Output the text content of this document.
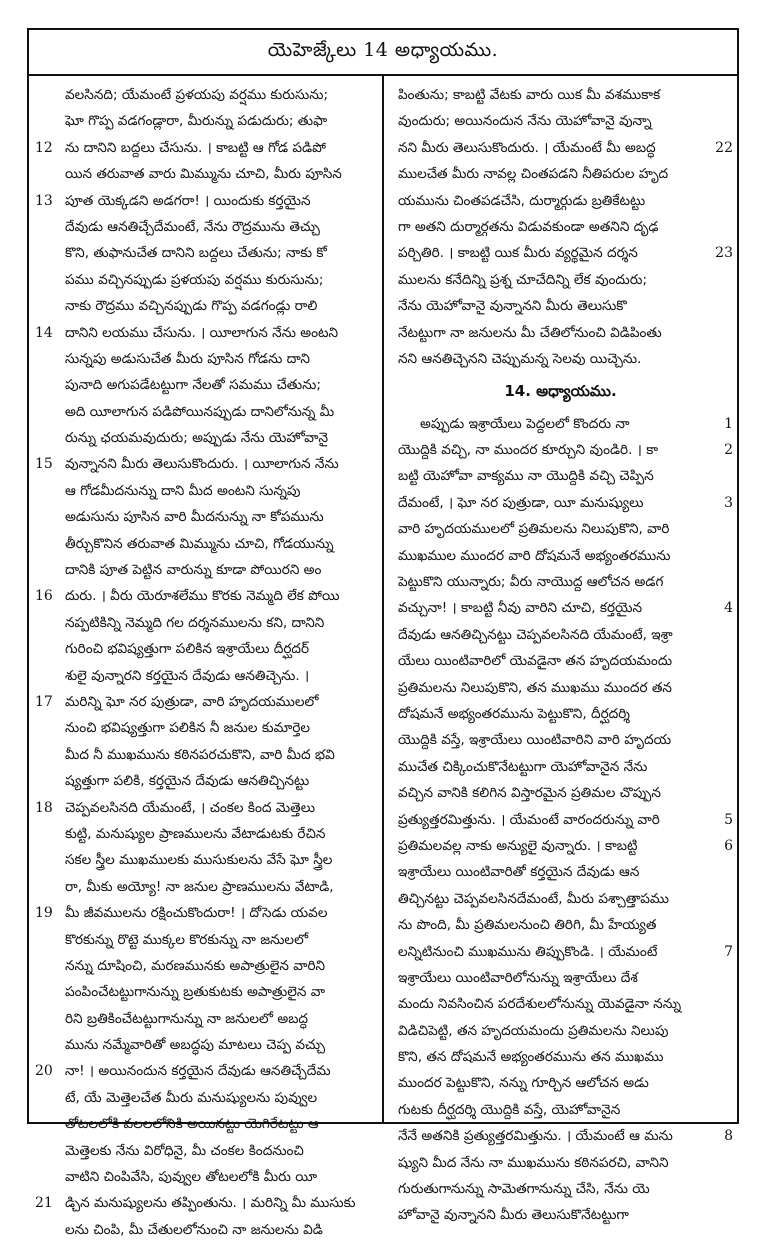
యెహెజ్కేలు 14 అధ్యాయము.
వలసినది; యేమంటే ప్రళయపు వర్షము కురుసును;
ఘో గొప్ప వడగండ్లారా, మీరున్ను పడుదురు; తుఫా
12 ను దానిని బద్దలు చేసును. । కాబట్టి ఆ గోడ పడిపో
యిన తరువాత వారు మిమ్మును చూచి, మీరు పూసిన
13 పూత యెక్కడని అడగరా! । యిందుకు కర్తయైన
దేవుడు ఆనతిచ్చేదేమంటే, నేను రౌద్రమును తెచ్చు
కొని, తుఫానుచేత దానిని బద్దలు చేతును; నాకు కో
పము వచ్చినప్పుడు ప్రళయపు వర్షము కురుసును;
నాకు రౌద్రము వచ్చినప్పుడు గొప్ప వడగండ్లు రాలి
14 దానిని లయము చేసును. । యీలాగున నేను అంటని
సున్నపు అడుసుచేత మీరు పూసిన గోడను దాని
పునాది అగుపడేటట్టుగా నేలతో సమము చేతును;
అది యీలాగున పడిపోయినప్పుడు దానిలోనున్న మీ
రున్ను ఛయమవుదురు; అప్పుడు నేను యెహోవానై
15 వున్నానని మీరు తెలుసుకొందురు. । యీలాగున నేను
ఆ గోడమీదనున్ను దాని మీద అంటని సున్నపు
అడుసును పూసిన వారి మీదనున్ను నా కోపమును
తీర్చుకొనిన తరువాత మిమ్మును చూచి, గోడయున్ను
దానికి పూత పెట్టిన వారున్ను కూడా పోయిరని అం
16 దురు. । వీరు యెరూశలేము కొరకు నెమ్మది లేక పోయి
నప్పటికిన్ని నెమ్మది గల దర్శనములను కని, దానిని
గురించి భవిష్యత్తుగా పలికిన ఇశ్రాయేలు దీర్ఘదర్
శులై వున్నారని కర్తయైన దేవుడు ఆనతిచ్చెను. ।
17 మరిన్ని ఘో నర పుత్రుడా, వారి హృదయములలో
నుంచి భవిష్యత్తుగా పలికిన నీ జనుల కుమార్తెల
మీద నీ ముఖమును కఠినపరచుకొని, వారి మీద భవి
ష్యత్తుగా పలికి, కర్తయైన దేవుడు ఆనతిచ్చినట్టు
18 చెప్పవలసినది యేమంటే, । చంకల కింద మెత్తెలు
కుట్టి, మనుష్యుల ప్రాణములను వేటాడుటకు రేచిన
సకల స్త్రీల ముఖములకు ముసుకులను వేసే ఘో స్త్రీల
రా, మీకు అయ్యో! నా జనుల ప్రాణములను వేటాడి,
19 మీ జీవములను రక్షించుకొందురా! । దోసెడు యవల
కొరకున్ను రొట్టె ముక్కల కొరకున్ను నా జనులలో
నన్ను దూషించి, మరణమునకు అపాత్రులైన వారిని
పంపించేటట్టుగానున్ను బ్రతుకుటకు అపాత్రులైన వా
రిని బ్రతికించేటట్టుగానున్ను నా జనులలో అబద్ధ
మును నమ్మేవారితో అబద్ధపు మాటలు చెప్ప వచ్చు
20 నా! । అయినందున కర్తయైన దేవుడు ఆనతిచ్చేదేమ
టే, యే మెత్తెలచేత మీరు మనుష్యులను పువ్వుల
తోటలలోకి వలలలోనికి అయినట్టు యెగిరేటట్టు ఆ
మెత్తెలకు నేను విరోధినై, మీ చంకల కిందనుంచి
వాటిని చింపివేసి, పువ్వుల తోటలలోకి మీరు యీ
21 డ్చిన మనుష్యులను తప్పింతును. । మరిన్ని మీ ముసుకు
లను చింపి, మీ చేతులలోనుంచి నా జనులను విడి
పింతును; కాబట్టి వేటకు వారు యిక మీ వశముకాక
వుందురు; అయినందున నేను యెహోవానై వున్నా
22
నని మీరు తెలుసుకొందురు. । యేమంటే మీ అబద్ధ
ములచేత మీరు నావల్ల చింతపడని నీతిపరుల హృద
యమును చింతపడచేసి, దుర్మార్గుడు బ్రతికేటట్టు
గా అతని దుర్మార్గతను విడువకుండా అతనిని దృఢ
23
పర్చితిరి. । కాబట్టి యిక మీరు వ్యర్థమైన దర్శన
ములను కనేదిన్ని ప్రశ్న చూచేదిన్ని లేక వుందురు;
నేను యెహోవానై వున్నానని మీరు తెలుసుకొ
నేటట్టుగా నా జనులను మీ చేతిలోనుంచి విడిపింతు
నని ఆనతిచ్చెనని చెప్పుమన్న సెలవు యిచ్చెను.
14. అధ్యాయము.
1
అప్పుడు ఇశ్రాయేలు పెద్దలలో కొందరు నా
2
యొద్దికి వచ్చి, నా ముందర కూర్చుని వుండిరి. । కా
బట్టి యెహోవా వాక్యము నా యొద్దికి వచ్చి చెప్పిన
3
దేమంటే, । ఘో నర పుత్రుడా, యీ మనుష్యులు
వారి హృదయములలో ప్రతిమలను నిలుపుకొని, వారి
ముఖముల ముందర వారి దోషమనే అభ్యంతరమును
పెట్టుకొని యున్నారు; వీరు నాయొద్ద ఆలోచన అడగ
4
వచ్చునా! । కాబట్టి నీవు వారిని చూచి, కర్తయైన
దేవుడు ఆనతిచ్చినట్టు చెప్పవలసినది యేమంటే, ఇశ్రా
యేలు యింటివారిలో యెవడైనా తన హృదయమందు
ప్రతిమలను నిలుపుకొని, తన ముఖము ముందర తన
దోషమనే అభ్యంతరమును పెట్టుకొని, దీర్ఘదర్శి
యొద్దికి వస్తే, ఇశ్రాయేలు యింటివారిని వారి హృదయ
ముచేత చిక్కించుకొనేటట్టుగా యెహోవానైన నేను
వచ్చిన వానికి కలిగిన విస్తారమైన ప్రతిమల చొప్పున
5
ప్రత్యుత్తరమిత్తును. । యేమంటే వారందరున్ను వారి
6
ప్రతిమలవల్ల నాకు అన్యులై వున్నారు. । కాబట్టి
ఇశ్రాయేలు యింటివారితో కర్తయైన దేవుడు ఆన
తిచ్చినట్టు చెప్పవలసినదేమంటే, మీరు పశ్చాత్తాపము
ను పొంది, మీ ప్రతిమలనుంచి తిరిగి, మీ హేయ్యత
7
లన్నిటినుంచి ముఖమును తిప్పుకొండి. । యేమంటే
ఇశ్రాయేలు యింటివారిలోనున్ను ఇశ్రాయేలు దేశ
మందు నివసించిన పరదేశులలోనున్ను యెవడైనా నన్ను
విడిచిపెట్టి, తన హృదయమందు ప్రతిమలను నిలుపు
కొని, తన దోషమనే అభ్యంతరమును తన ముఖము
ముందర పెట్టుకొని, నన్ను గూర్చిన ఆలోచన అడు
గుటకు దీర్ఘదర్శి యొద్దికి వస్తే, యెహోవానైన
8
నేనే అతనికి ప్రత్యుత్తరమిత్తును. । యేమంటే ఆ మను
ష్యుని మీద నేను నా ముఖమును కఠినపరచి, వానిని
గురుతుగానున్ను సామెతగానున్ను చేసి, నేను యె
హోవానై వున్నానని మీరు తెలుసుకొనేటట్టుగా
